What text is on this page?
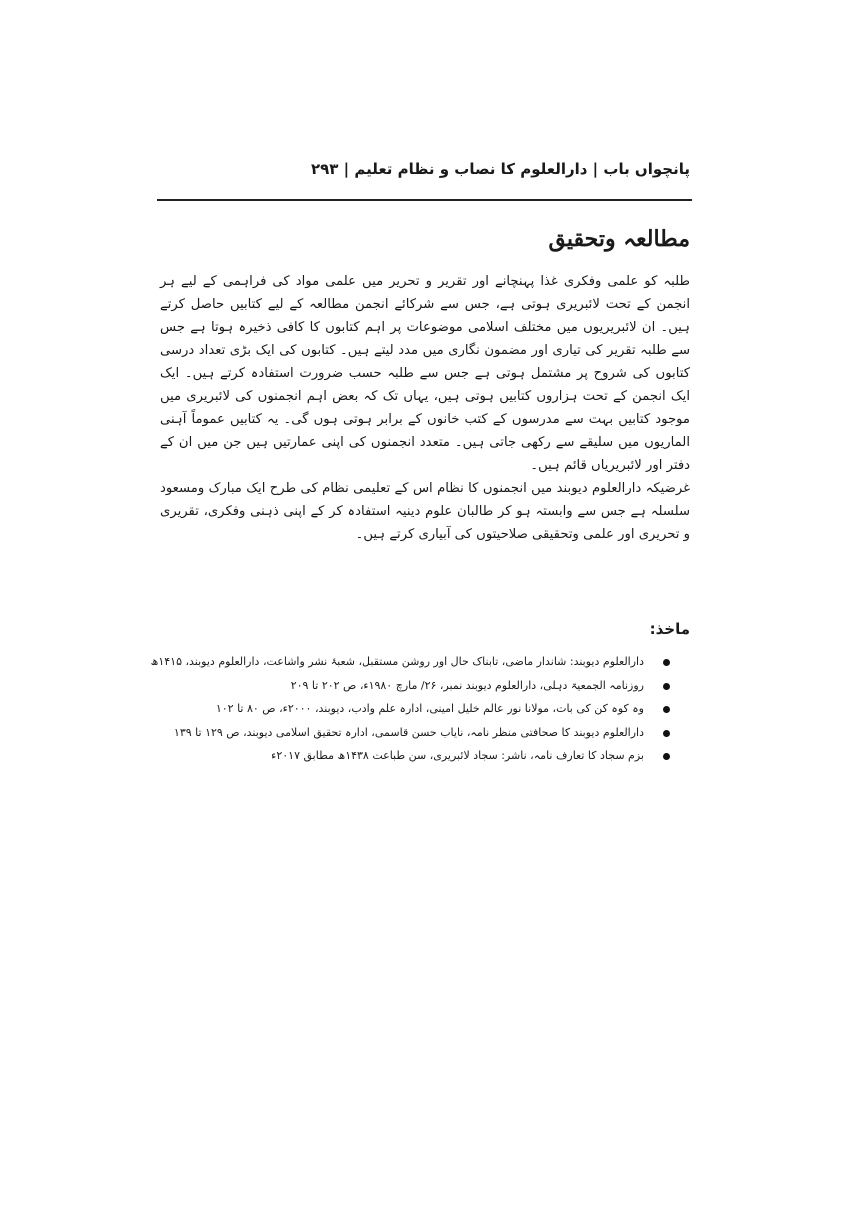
پانچواں باب | دارالعلوم کا نصاب و نظام تعلیم | ۲۹۳
مطالعہ وتحقیق

طلبہ کو علمی وفکری غذا پہنچانے اور تقریر و تحریر میں علمی مواد کی فراہمی کے لیے ہر انجمن کے تحت لائبریری ہوتی ہے، جس سے شرکائے انجمن مطالعہ کے لیے کتابیں حاصل کرتے ہیں۔ ان لائبریریوں میں مختلف اسلامی موضوعات پر اہم کتابوں کا کافی ذخیرہ ہوتا ہے جس سے طلبہ تقریر کی تیاری اور مضمون نگاری میں مدد لیتے ہیں۔ کتابوں کی ایک بڑی تعداد درسی کتابوں کی شروح پر مشتمل ہوتی ہے جس سے طلبہ حسب ضرورت استفادہ کرتے ہیں۔ ایک ایک انجمن کے تحت ہزاروں کتابیں ہوتی ہیں، یہاں تک کہ بعض اہم انجمنوں کی لائبریری میں موجود کتابیں بہت سے مدرسوں کے کتب خانوں کے برابر ہوتی ہوں گی۔ یہ کتابیں عموماً آہنی الماریوں میں سلیقے سے رکھی جاتی ہیں۔ متعدد انجمنوں کی اپنی عمارتیں ہیں جن میں ان کے دفتر اور لائبریریاں قائم ہیں۔

غرضیکہ دارالعلوم دیوبند میں انجمنوں کا نظام اس کے تعلیمی نظام کی طرح ایک مبارک ومسعود سلسلہ ہے جس سے وابستہ ہو کر طالبان علوم دینیہ استفادہ کر کے اپنی ذہنی وفکری، تقریری و تحریری اور علمی وتحقیقی صلاحیتوں کی آبیاری کرتے ہیں۔

ماخذ:
دارالعلوم دیوبند: شاندار ماضی، تابناک حال اور روشن مستقبل، شعبۂ نشر واشاعت، دارالعلوم دیوبند، ۱۴۱۵ھ
روزنامہ الجمعیۃ دہلی، دارالعلوم دیوبند نمبر، ۲۶/ مارچ ۱۹۸۰ء، ص ۲۰۲ تا ۲۰۹
وہ کوہ کن کی بات، مولانا نور عالم خلیل امینی، ادارہ علم وادب، دیوبند، ۲۰۰۰ء، ص ۸۰ تا ۱۰۲
دارالعلوم دیوبند کا صحافتی منظر نامہ، نایاب حسن قاسمی، ادارہ تحقیق اسلامی دیوبند، ص ۱۲۹ تا ۱۳۹
بزم سجاد کا تعارف نامہ، ناشر: سجاد لائبریری، سن طباعت ۱۴۳۸ھ مطابق ۲۰۱۷ء
